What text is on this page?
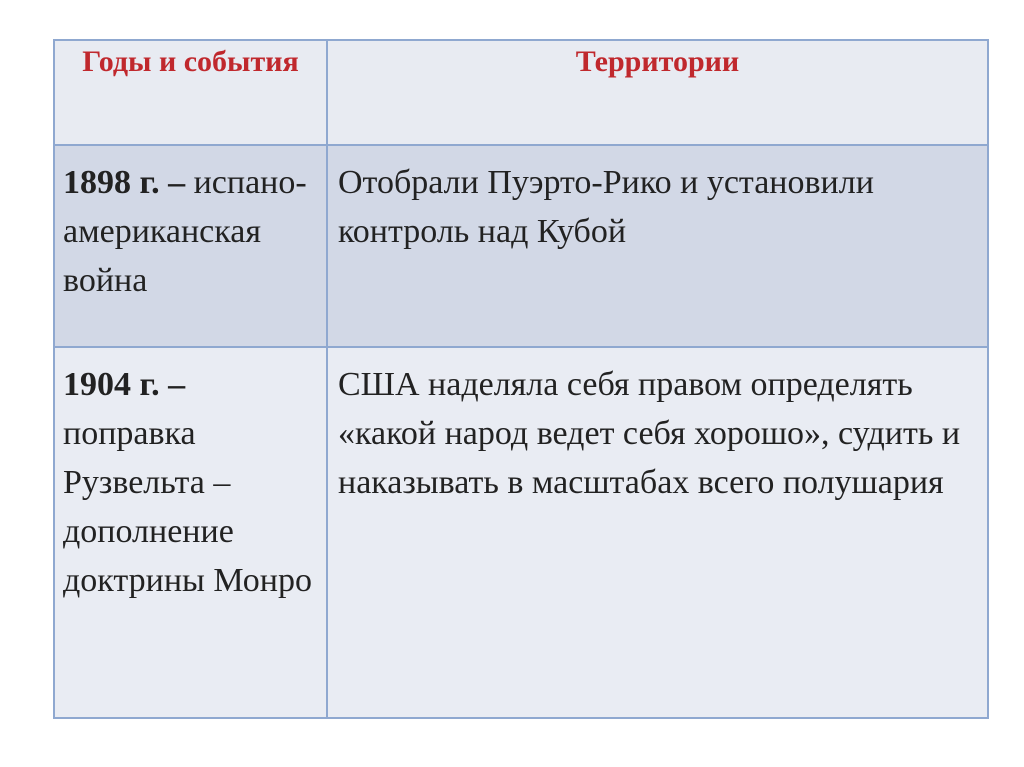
Годы и события	Территории
1898 г. – испано-американская война	Отобрали Пуэрто-Рико и установили контроль над Кубой
1904 г. – поправка Рузвельта – дополнение доктрины Монро	США наделяла себя правом определять «какой народ ведет себя хорошо», судить и наказывать в масштабах всего полушария
